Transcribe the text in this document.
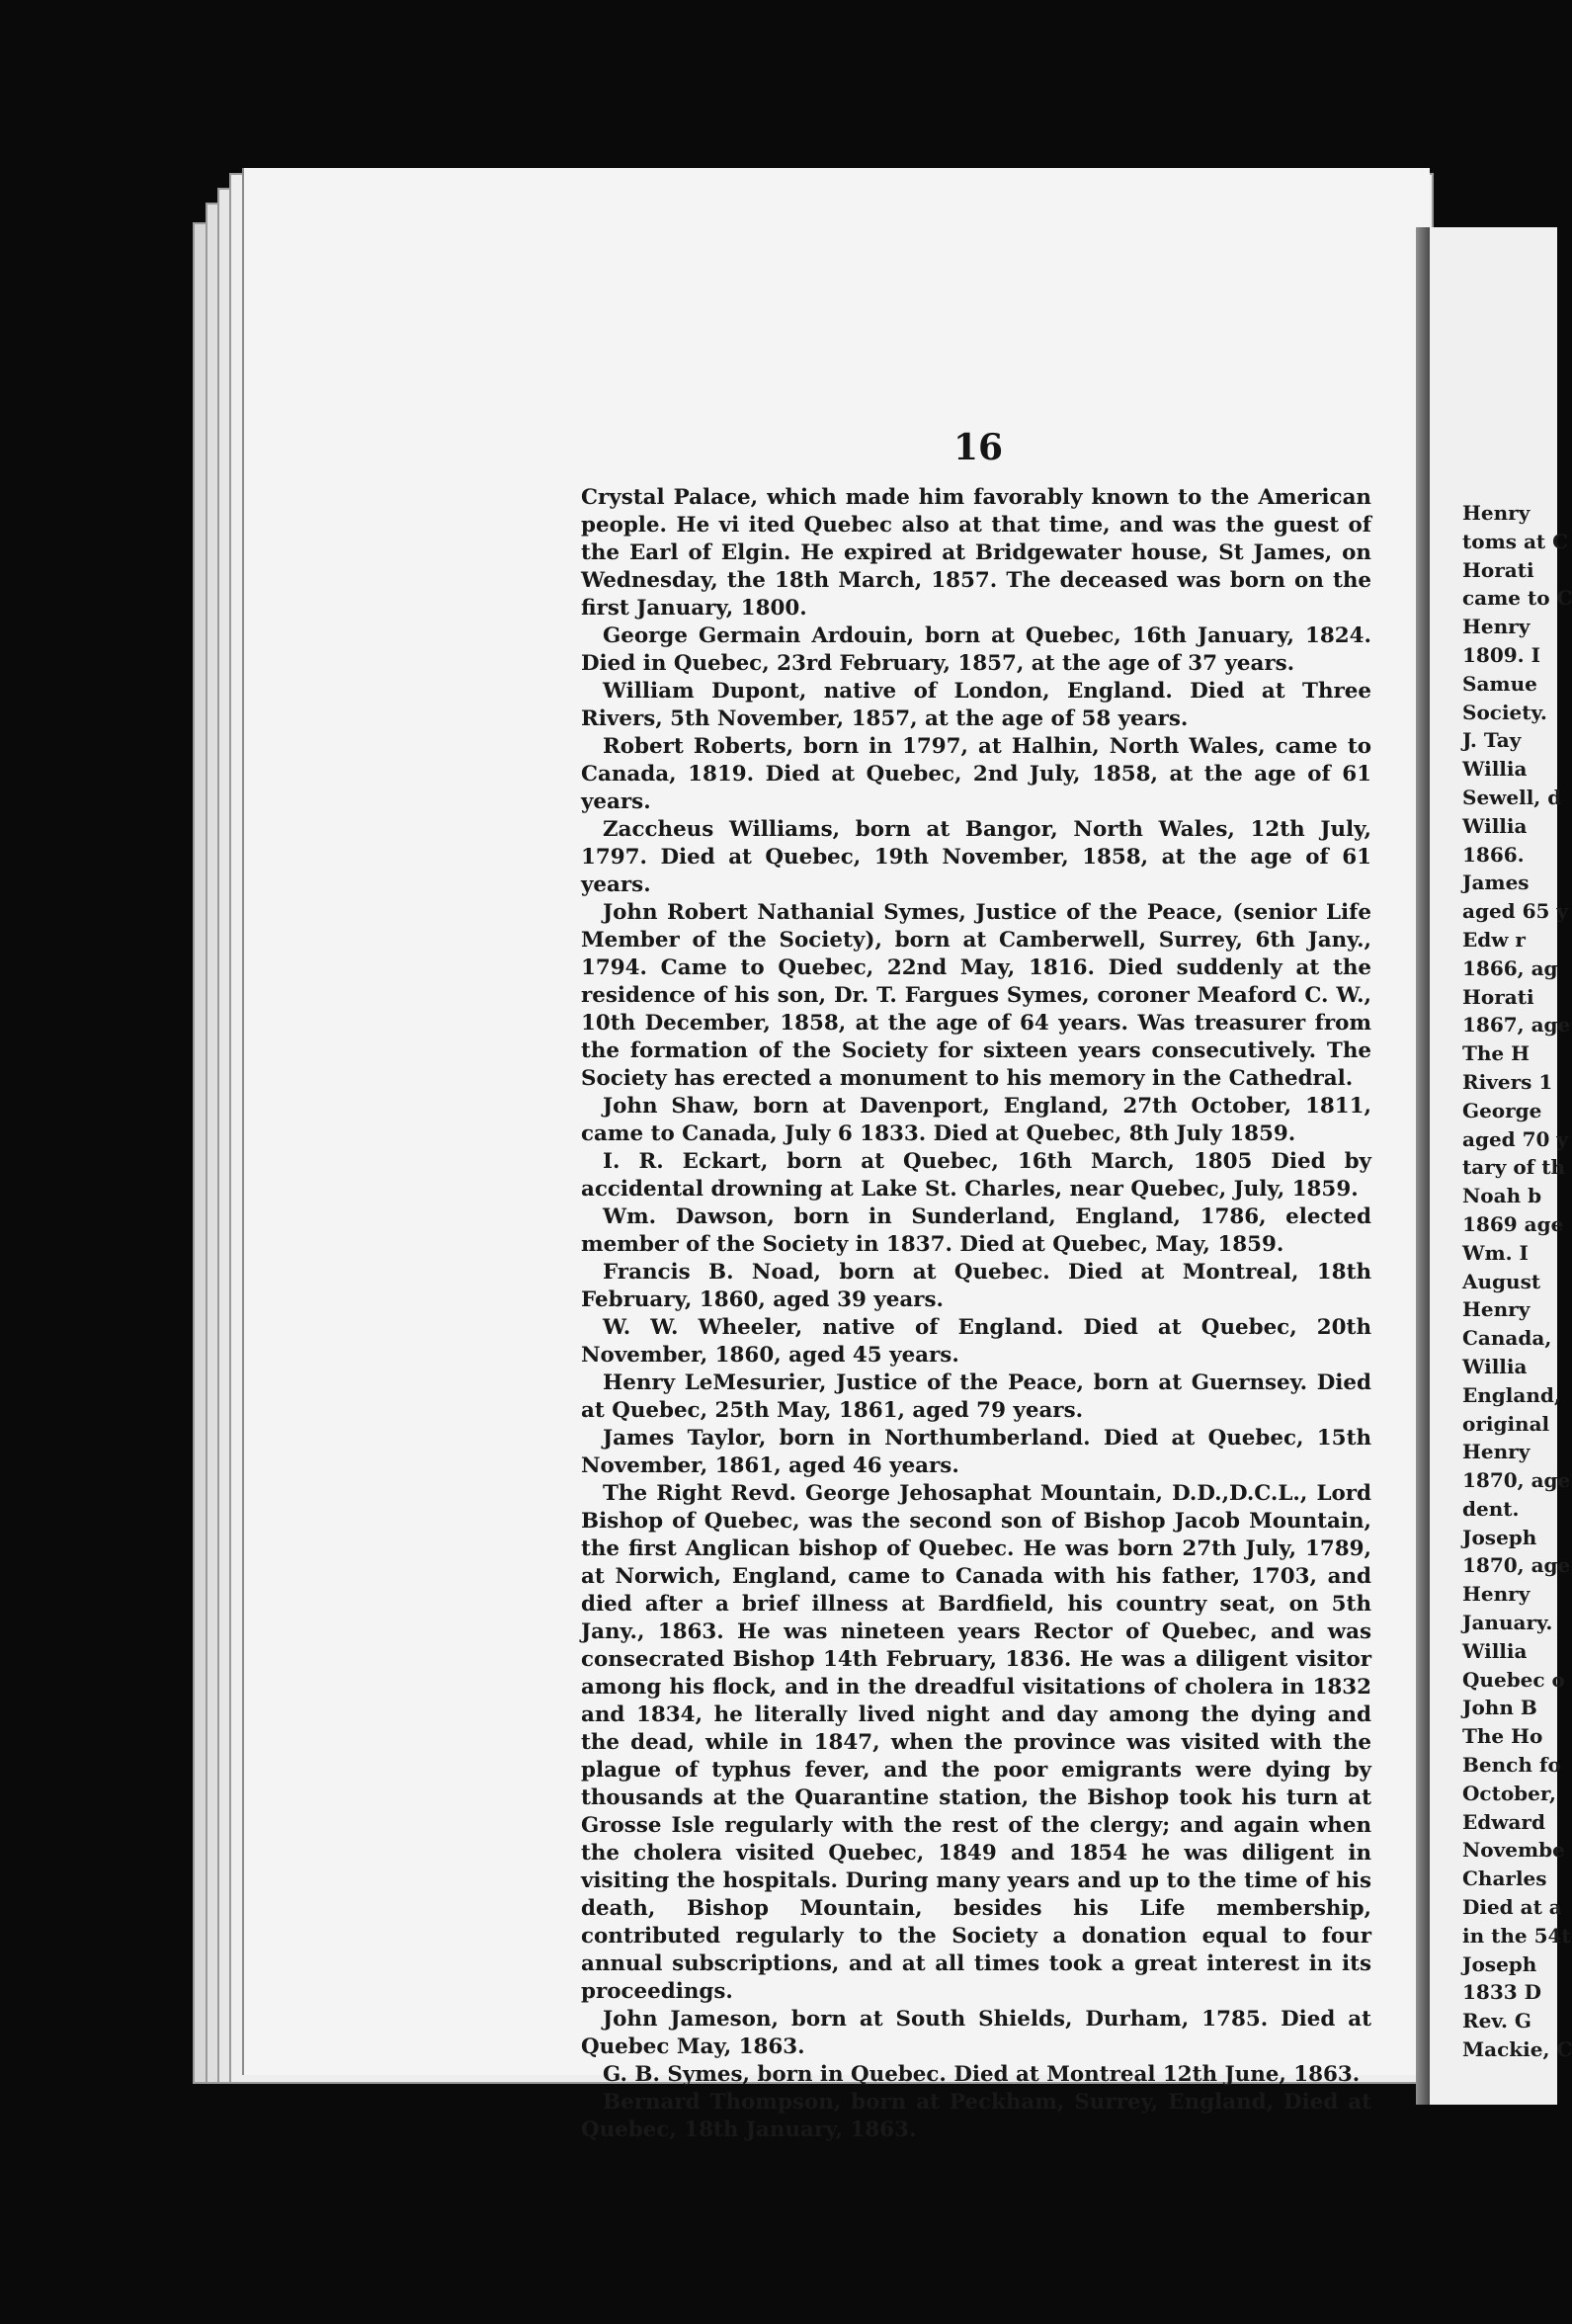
16

Crystal Palace, which made him favorably known to the American people. He vi ited Quebec also at that time, and was the guest of the Earl of Elgin. He expired at Bridgewater house, St James, on Wednesday, the 18th March, 1857. The deceased was born on the first January, 1800.

George Germain Ardouin, born at Quebec, 16th January, 1824. Died in Quebec, 23rd February, 1857, at the age of 37 years.

William Dupont, native of London, England. Died at Three Rivers, 5th November, 1857, at the age of 58 years.

Robert Roberts, born in 1797, at Halhin, North Wales, came to Canada, 1819. Died at Quebec, 2nd July, 1858, at the age of 61 years.

Zaccheus Williams, born at Bangor, North Wales, 12th July, 1797. Died at Quebec, 19th November, 1858, at the age of 61 years.

John Robert Nathanial Symes, Justice of the Peace, (senior Life Member of the Society), born at Camberwell, Surrey, 6th Jany., 1794. Came to Quebec, 22nd May, 1816. Died suddenly at the residence of his son, Dr. T. Fargues Symes, coroner Meaford C. W., 10th December, 1858, at the age of 64 years. Was treasurer from the formation of the Society for sixteen years consecutively. The Society has erected a monument to his memory in the Cathedral.

John Shaw, born at Davenport, England, 27th October, 1811, came to Canada, July 6 1833. Died at Quebec, 8th July 1859.

I. R. Eckart, born at Quebec, 16th March, 1805 Died by accidental drowning at Lake St. Charles, near Quebec, July, 1859.

Wm. Dawson, born in Sunderland, England, 1786, elected member of the Society in 1837. Died at Quebec, May, 1859.

Francis B. Noad, born at Quebec. Died at Montreal, 18th February, 1860, aged 39 years.

W. W. Wheeler, native of England. Died at Quebec, 20th November, 1860, aged 45 years.

Henry LeMesurier, Justice of the Peace, born at Guernsey. Died at Quebec, 25th May, 1861, aged 79 years.

James Taylor, born in Northumberland. Died at Quebec, 15th November, 1861, aged 46 years.

The Right Revd. George Jehosaphat Mountain, D.D.,D.C.L., Lord Bishop of Quebec, was the second son of Bishop Jacob Mountain, the first Anglican bishop of Quebec. He was born 27th July, 1789, at Norwich, England, came to Canada with his father, 1703, and died after a brief illness at Bardfield, his country seat, on 5th Jany., 1863. He was nineteen years Rector of Quebec, and was consecrated Bishop 14th February, 1836. He was a diligent visitor among his flock, and in the dreadful visitations of cholera in 1832 and 1834, he literally lived night and day among the dying and the dead, while in 1847, when the province was visited with the plague of typhus fever, and the poor emigrants were dying by thousands at the Quarantine station, the Bishop took his turn at Grosse Isle regularly with the rest of the clergy; and again when the cholera visited Quebec, 1849 and 1854 he was diligent in visiting the hospitals. During many years and up to the time of his death, Bishop Mountain, besides his Life membership, contributed regularly to the Society a donation equal to four annual subscriptions, and at all times took a great interest in its proceedings.

John Jameson, born at South Shields, Durham, 1785. Died at Quebec May, 1863.

G. B. Symes, born in Quebec. Died at Montreal 12th June, 1863.

Bernard Thompson, born at Peckham, Surrey, England, Died at Quebec, 18th January, 1863.

Henry
toms at C
Horati
came to C
Henry
1809. I
Samue
Society.
J. Tay
Willia
Sewell, d
Willia
1866.
James
aged 65 y
Edw r
1866, ag
Horati
1867, age
The H
Rivers 1
George
aged 70 y
tary of th
Noah b
1869 age
Wm. I
August
Henry
Canada,
Willia
England,
original
Henry
1870, age
dent.
Joseph
1870, age
Henry
January.
Willia
Quebec o
John B
The Ho
Bench fo
October,
Edward
Novembe
Charles
Died at a
in the 54t
Joseph
1833 D
Rev. G
Mackie, C
